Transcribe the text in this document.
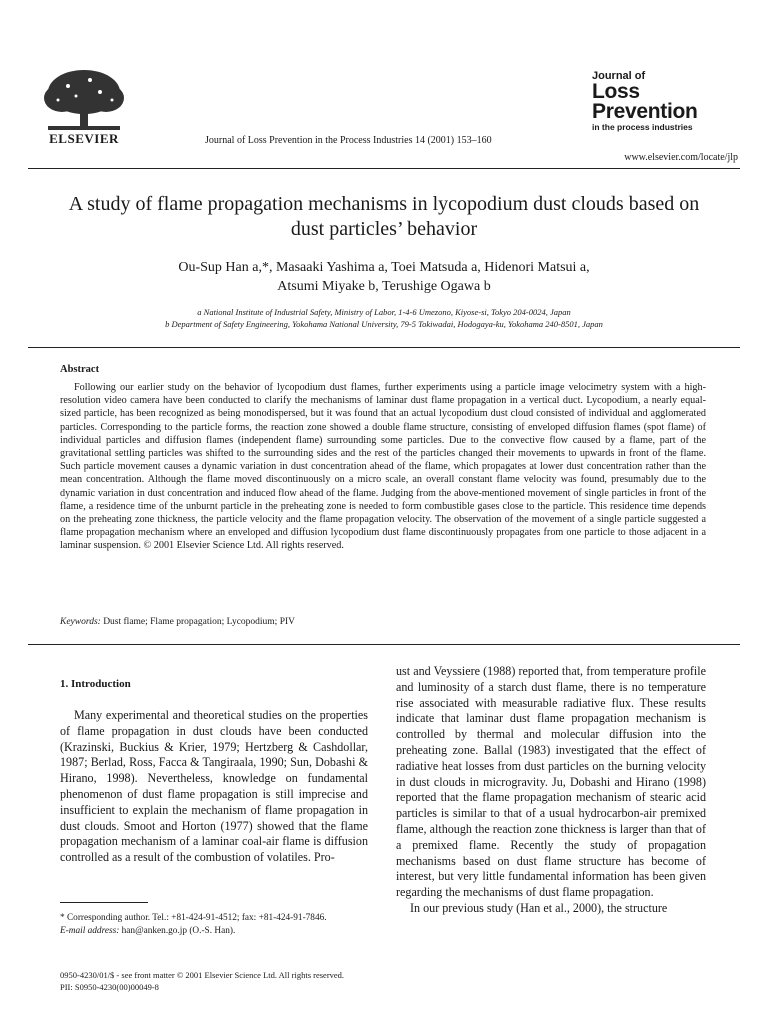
ELSEVIER	Journal of Loss Prevention in the Process Industries 14 (2001) 153–160
Journal of
Loss
Prevention
in the process industries
www.elsevier.com/locate/jlp
A study of flame propagation mechanisms in lycopodium dust clouds based on dust particles’ behavior
Ou-Sup Han a,*, Masaaki Yashima a, Toei Matsuda a, Hidenori Matsui a,
Atsumi Miyake b, Terushige Ogawa b
a National Institute of Industrial Safety, Ministry of Labor, 1-4-6 Umezono, Kiyose-si, Tokyo 204-0024, Japan
b Department of Safety Engineering, Yokohama National University, 79-5 Tokiwadai, Hodogaya-ku, Yokohama 240-8501, Japan
Abstract
Following our earlier study on the behavior of lycopodium dust flames, further experiments using a particle image velocimetry system with a high-resolution video camera have been conducted to clarify the mechanisms of laminar dust flame propagation in a vertical duct. Lycopodium, a nearly equal-sized particle, has been recognized as being monodispersed, but it was found that an actual lycopodium dust cloud consisted of individual and agglomerated particles. Corresponding to the particle forms, the reaction zone showed a double flame structure, consisting of enveloped diffusion flames (spot flame) of individual particles and diffusion flames (independent flame) surrounding some particles. Due to the convective flow caused by a flame, part of the gravitational settling particles was shifted to the surrounding sides and the rest of the particles changed their movements to upwards in front of the flame. Such particle movement causes a dynamic variation in dust concentration ahead of the flame, which propagates at lower dust concentration rather than the mean concentration. Although the flame moved discontinuously on a micro scale, an overall constant flame velocity was found, presumably due to the dynamic variation in dust concentration and induced flow ahead of the flame. Judging from the above-mentioned movement of single particles in front of the flame, a residence time of the unburnt particle in the preheating zone is needed to form combustible gases close to the particle. This residence time depends on the preheating zone thickness, the particle velocity and the flame propagation velocity. The observation of the movement of a single particle suggested a flame propagation mechanism where an enveloped and diffusion lycopodium dust flame discontinuously propagates from one particle to those adjacent in a laminar suspension. © 2001 Elsevier Science Ltd. All rights reserved.
Keywords: Dust flame; Flame propagation; Lycopodium; PIV
1. Introduction
Many experimental and theoretical studies on the properties of flame propagation in dust clouds have been conducted (Krazinski, Buckius & Krier, 1979; Hertzberg & Cashdollar, 1987; Berlad, Ross, Facca & Tangiraala, 1990; Sun, Dobashi & Hirano, 1998). Nevertheless, knowledge on fundamental phenomenon of dust flame propagation is still imprecise and insufficient to explain the mechanism of flame propagation in dust clouds. Smoot and Horton (1977) showed that the flame propagation mechanism of a laminar coal-air flame is diffusion controlled as a result of the combustion of volatiles. Pro-
ust and Veyssiere (1988) reported that, from temperature profile and luminosity of a starch dust flame, there is no temperature rise associated with measurable radiative flux. These results indicate that laminar dust flame propagation mechanism is controlled by thermal and molecular diffusion into the preheating zone. Ballal (1983) investigated that the effect of radiative heat losses from dust particles on the burning velocity in dust clouds in microgravity. Ju, Dobashi and Hirano (1998) reported that the flame propagation mechanism of stearic acid particles is similar to that of a usual hydrocarbon-air premixed flame, although the reaction zone thickness is larger than that of a premixed flame. Recently the study of propagation mechanisms based on dust flame structure has become of interest, but very little fundamental information has been given regarding the mechanisms of dust flame propagation.
In our previous study (Han et al., 2000), the structure
* Corresponding author. Tel.: +81-424-91-4512; fax: +81-424-91-7846.
E-mail address: han@anken.go.jp (O.-S. Han).
0950-4230/01/$ - see front matter © 2001 Elsevier Science Ltd. All rights reserved.
PII: S0950-4230(00)00049-8
